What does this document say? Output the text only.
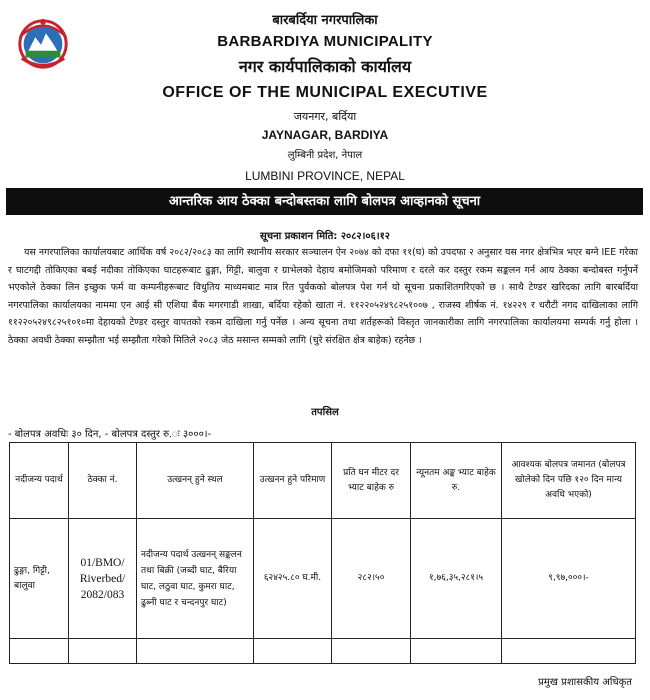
बारबर्दिया नगरपालिका
BARBARDIYA MUNICIPALITY
नगर कार्यपालिकाको कार्यालय
OFFICE OF THE MUNICIPAL EXECUTIVE
जयनगर, बर्दिया
JAYNAGAR, BARDIYA
लुम्बिनी प्रदेश, नेपाल
LUMBINI PROVINCE, NEPAL
आन्तरिक आय ठेक्का बन्दोबस्तका लागि बोलपत्र आव्हानको सूचना
सूचना प्रकाशन मिति: २०८२।०६।१२
यस नगरपालिका कार्यालयबाट आर्थिक वर्ष २०८२/२०८३ का लागि स्थानीय सरकार सञ्चालन ऐन २०७४ को दफा ११(घ) को उपदफा २ अनुसार यस नगर क्षेत्रभित्र भएर बग्ने IEE गरेका र घाटगद्दी तोकिएका बबई नदीका तोकिएका घाटहरूबाट ढुङ्गा, गिट्टी, बालुवा र ग्राभेलको देहाय बमोजिमको परिमाण र दरले कर दस्तुर रकम सङ्कलन गर्न आय ठेक्का बन्दोबस्त गर्नुपर्ने भएकोले ठेक्का लिन इच्छुक फर्म वा कम्पनीहरूबाट विधुतिय माध्यमबाट मात्र रित पुर्वकको बोलपत्र पेश गर्न यो सूचना प्रकाशितगरिएको छ । साथै टेण्डर खरिदका लागि बारबर्दिया नगरपालिका कार्यालयका नाममा एन आई सी एशिया बैंक मगरगाडी शाखा, बर्दिया रहेको खाता नं. ११२२०५२४९८२५१००७ , राजस्व शीर्षक नं. १४२२९ र धरौटी नगद दाखिलाका लागि ११२२०५२४९८२५१०१०मा देहायको टेण्डर दस्तुर वापतको रकम दाखिला गर्नु पर्नेछ । अन्य सूचना तथा शर्तहरूको विस्तृत जानकारीका लागि नगरपालिका कार्यालयमा सम्पर्क गर्नु होला । ठेक्का अवधी ठेक्का सम्झौता भई सम्झौता गरेको मितिले २०८३ जेठ मसान्त सम्मको लागि (चुरे संरक्षित क्षेत्र बाहेक) रहनेछ ।
तपसिल
- बोलपत्र अवधिः ३० दिन, - बोलपत्र दस्तुर रु.ः ३०००।-
नदीजन्य पदार्थ	ठेक्का नं.	उत्खनन् हुने स्थल	उत्खनन हुने परिमाण	प्रति घन मीटर दर भ्याट बाहेक रु	न्यूनतम अङ्क भ्याट बाहेक रु.	आवश्यक बोलपत्र जमानत (बोलपत्र खोलेको दिन पछि १२० दिन मान्य अवधि भएको)
ढुङ्गा, गिट्टी, बालुवा	01/BMO/ Riverbed/ 2082/083	नदीजन्य पदार्थ उत्खनन् सङ्कलन तथा बिक्री (जब्दी घाट, बैरिया घाट, लठुवा घाट, कुमरा घाट, ढुब्नी घाट र चन्दनपुर घाट)	६२४२५.८० घ.मी.	२८२।५०	१,७६,३५,२८१।५	९,९७,०००।-

प्रमुख प्रशासकीय अधिकृत
